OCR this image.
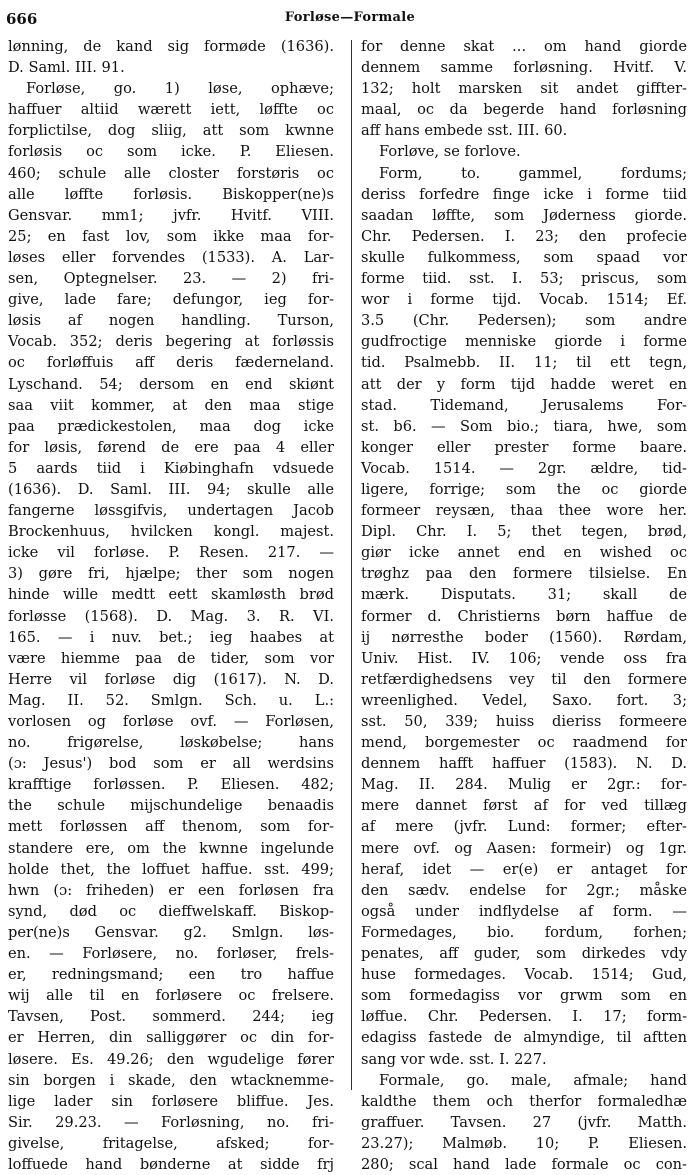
666	Forløse—Formale
lønning, de kand sig formøde (1636).
D. Saml. III. 91.
Forløse, go. 1) løse, ophæve;
haffuer altiid wærett iett, løffte oc
forplictilse, dog sliig, att som kwnne
forløsis oc som icke. P. Eliesen.
460; schule alle closter forstøris oc
alle løffte forløsis. Biskopper(ne)s
Gensvar. mm1; jvfr. Hvitf. VIII.
25; en fast lov, som ikke maa for-
løses eller forvendes (1533). A. Lar-
sen, Optegnelser. 23. — 2) fri-
give, lade fare; defungor, ieg for-
løsis af nogen handling. Turson,
Vocab. 352; deris begering at forløssis
oc forløffuis aff deris fæderneland.
Lyschand. 54; dersom en end skiønt
saa viit kommer, at den maa stige
paa prædickestolen, maa dog icke
for løsis, førend de ere paa 4 eller
5 aards tiid i Kiøbinghafn vdsuede
(1636). D. Saml. III. 94; skulle alle
fangerne løssgifvis, undertagen Jacob
Brockenhuus, hvilcken kongl. majest.
icke vil forløse. P. Resen. 217. —
3) gøre fri, hjælpe; ther som nogen
hinde wille medtt eett skamløsth brød
forløsse (1568). D. Mag. 3. R. VI.
165. — i nuv. bet.; ieg haabes at
være hiemme paa de tider, som vor
Herre vil forløse dig (1617). N. D.
Mag. II. 52. Smlgn. Sch. u. L.:
vorlosen og forløse ovf. — Forløsen,
no. frigørelse, løskøbelse; hans
(ɔ: Jesus') bod som er all werdsins
krafftige forløssen. P. Eliesen. 482;
the schule mijschundelige benaadis
mett forløssen aff thenom, som for-
standere ere, om the kwnne ingelunde
holde thet, the loffuet haffue. sst. 499;
hwn (ɔ: friheden) er een forløsen fra
synd, død oc dieffwelskaff. Biskop-
per(ne)s Gensvar. g2. Smlgn. løs-
en. — Forløsere, no. forløser, frels-
er, redningsmand; een tro haffue
wij alle til en forløsere oc frelsere.
Tavsen, Post. sommerd. 244; ieg
er Herren, din salliggører oc din for-
løsere. Es. 49.26; den wgudelige fører
sin borgen i skade, den wtacknemme-
lige lader sin forløsere bliffue. Jes.
Sir. 29.23. — Forløsning, no. fri-
givelse, fritagelse, afsked; for-
loffuede hand bønderne at sidde frj
for denne skat ... om hand giorde
dennem samme forløsning. Hvitf. V.
132; holt marsken sit andet giffter-
maal, oc da begerde hand forløsning
aff hans embede sst. III. 60.
Forløve, se forlove.
Form, to. gammel, fordums;
deriss forfedre finge icke i forme tiid
saadan løffte, som Jøderness giorde.
Chr. Pedersen. I. 23; den profecie
skulle fulkommess, som spaad vor
forme tiid. sst. I. 53; priscus, som
wor i forme tijd. Vocab. 1514; Ef.
3.5 (Chr. Pedersen); som andre
gudfroctige menniske giorde i forme
tid. Psalmebb. II. 11; til ett tegn,
att der y form tijd hadde weret en
stad. Tidemand, Jerusalems For-
st. b6. — Som bio.; tiara, hwe, som
konger eller prester forme baare.
Vocab. 1514. — 2gr. ældre, tid-
ligere, forrige; som the oc giorde
formeer reysæn, thaa thee wore her.
Dipl. Chr. I. 5; thet tegen, brød,
giør icke annet end en wished oc
trøghz paa den formere tilsielse. En
mærk. Disputats. 31; skall de
former d. Christierns børn haffue de
ij nørresthe boder (1560). Rørdam,
Univ. Hist. IV. 106; vende oss fra
retfærdighedsens vey til den formere
wreenlighed. Vedel, Saxo. fort. 3;
sst. 50, 339; huiss dieriss formeere
mend, borgemester oc raadmend for
dennem hafft haffuer (1583). N. D.
Mag. II. 284. Mulig er 2gr.: for-
mere dannet først af for ved tillæg
af mere (jvfr. Lund: former; efter-
mere ovf. og Aasen: formeir) og 1gr.
heraf, idet — er(e) er antaget for
den sædv. endelse for 2gr.; måske
også under indflydelse af form. —
Formedages, bio. fordum, forhen;
penates, aff guder, som dirkedes vdy
huse formedages. Vocab. 1514; Gud,
som formedagiss vor grwm som en
løffue. Chr. Pedersen. I. 17; form-
edagiss fastede de almyndige, til aftten
sang vor wde. sst. I. 227.
Formale, go. male, afmale; hand
kaldthe them och therfor formaledhæ
graffuer. Tavsen. 27 (jvfr. Matth.
23.27); Malmøb. 10; P. Eliesen.
280; scal hand lade formale oc con-
